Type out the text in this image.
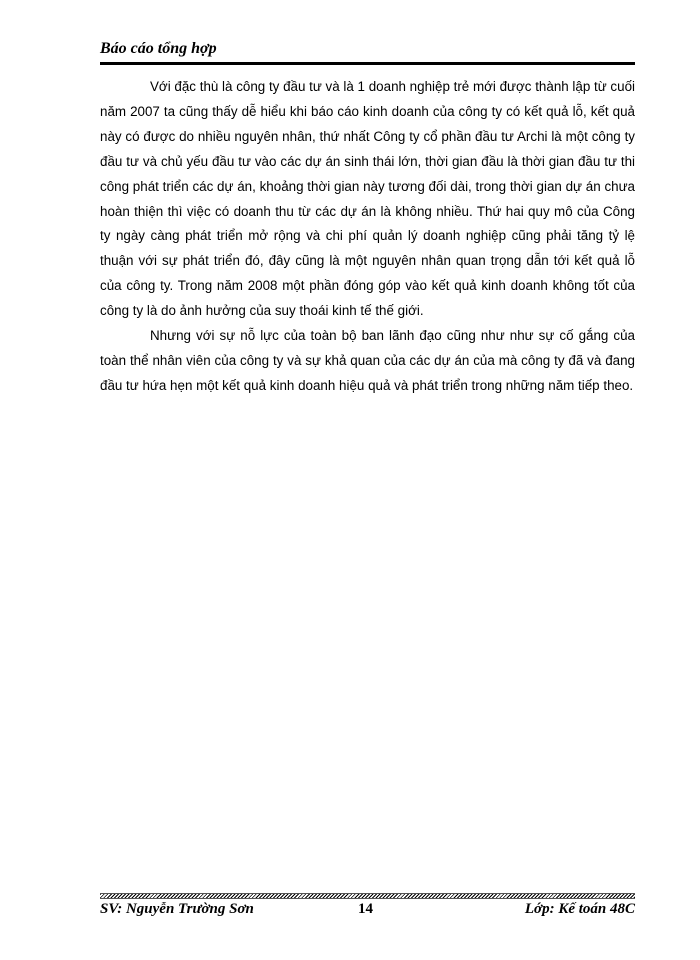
Báo cáo tổng hợp

Với đặc thù là công ty đầu tư và là 1 doanh nghiệp trẻ mới được thành lập từ cuối năm 2007 ta cũng thấy dễ hiểu khi báo cáo kinh doanh của công ty có kết quả lỗ, kết quả này có được do nhiều nguyên nhân, thứ nhất Công ty cổ phần đầu tư Archi là một công ty đầu tư và chủ yếu đầu tư vào các dự án sinh thái lớn, thời gian đầu là thời gian đầu tư thi công phát triển các dự án, khoảng thời gian này tương đối dài, trong thời gian dự án chưa hoàn thiện thì việc có doanh thu từ các dự án là không nhiều. Thứ hai quy mô của Công ty ngày càng phát triển mở rộng và chi phí quản lý doanh nghiệp cũng phải tăng tỷ lệ thuận với sự phát triển đó, đây cũng là một nguyên nhân quan trọng dẫn tới kết quả lỗ của công ty. Trong năm 2008 một phần đóng góp vào kết quả kinh doanh không tốt của công ty là do ảnh hưởng của suy thoái kinh tế thế giới.

Nhưng với sự nỗ lực của toàn bộ ban lãnh đạo cũng như như sự cố gắng của toàn thể nhân viên của công ty và sự khả quan của các dự án của mà công ty đã và đang đầu tư hứa hẹn một kết quả kinh doanh hiệu quả và phát triển trong những năm tiếp theo.

SV: Nguyễn Trường Sơn	14	Lớp: Kế toán 48C
